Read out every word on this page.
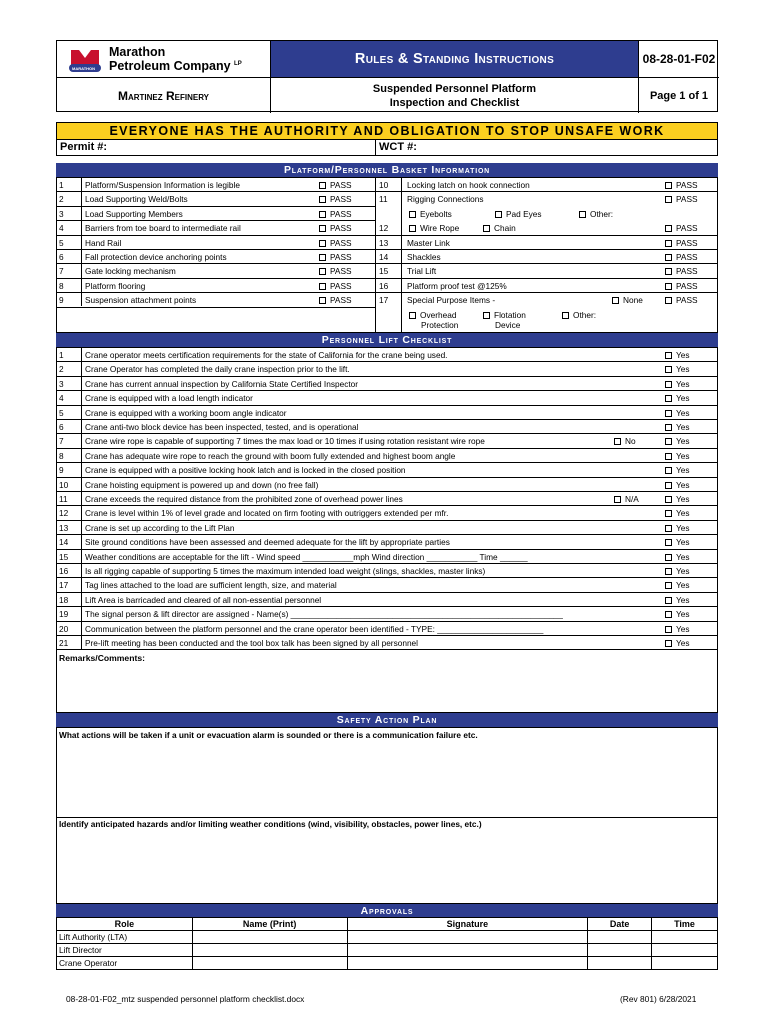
MARATHON
Marathon
Petroleum Company $^{LP}$
Martinez Refinery
Rules & Standing Instructions	08-28-01-F02
Suspended Personnel Platform
Inspection and Checklist
Page 1 of 1
EVERYONE HAS THE AUTHORITY AND OBLIGATION TO STOP UNSAFE WORK
Permit #:	WCT #:
Platform/Personnel Basket Information
1	Platform/Suspension Information is legible	PASS
2	Load Supporting Weld/Bolts	PASS
3	Load Supporting Members	PASS
4	Barriers from toe board to intermediate rail	PASS
5	Hand Rail	PASS
6	Fall protection device anchoring points	PASS
7	Gate locking mechanism	PASS
8	Platform flooring	PASS
9	Suspension attachment points	PASS
10 Locking latch on hook connection	PASS
11 Rigging Connections	PASS
Eyebolts	Pad Eyes	Other:
12	Wire Rope	Chain	PASS
13 Master Link	PASS
14 Shackles	PASS
15 Trial Lift	PASS
16 Platform proof test @125%	PASS
17 Special Purpose Items -	None	PASS
Overhead
Protection
Flotation
Device
Other:
Personnel Lift Checklist
1	Crane operator meets certification requirements for the state of California for the crane being used.	Yes
2	Crane Operator has completed the daily crane inspection prior to the lift.	Yes
3	Crane has current annual inspection by California State Certified Inspector	Yes
4	Crane is equipped with a load length indicator	Yes
5	Crane is equipped with a working boom angle indicator	Yes
6	Crane anti-two block device has been inspected, tested, and is operational	Yes
7	Crane wire rope is capable of supporting 7 times the max load or 10 times if using rotation resistant wire rope	No	Yes
8	Crane has adequate wire rope to reach the ground with boom fully extended and highest boom angle	Yes
9	Crane is equipped with a positive locking hook latch and is locked in the closed position	Yes
10 Crane hoisting equipment is powered up and down (no free fall)	Yes
11 Crane exceeds the required distance from the prohibited zone of overhead power lines	N/A	Yes
12 Crane is level within 1% of level grade and located on firm footing with outriggers extended per mfr.	Yes
13 Crane is set up according to the Lift Plan	Yes
14 Site ground conditions have been assessed and deemed adequate for the lift by appropriate parties	Yes
15 Weather conditions are acceptable for the lift - Wind speed ___________mph Wind direction ___________ Time ______	Yes
16 Is all rigging capable of supporting 5 times the maximum intended load weight (slings, shackles, master links)	Yes
17 Tag lines attached to the load are sufficient length, size, and material	Yes
18 Lift Area is barricaded and cleared of all non-essential personnel	Yes
19 The signal person & lift director are assigned - Name(s) ___________________________________________________________	Yes
20 Communication between the platform personnel and the crane operator been identified - TYPE: _______________________	Yes
21 Pre-lift meeting has been conducted and the tool box talk has been signed by all personnel	Yes
Remarks/Comments:
Safety Action Plan
What actions will be taken if a unit or evacuation alarm is sounded or there is a communication failure etc.
Identify anticipated hazards and/or limiting weather conditions (wind, visibility, obstacles, power lines, etc.)
Approvals
Role	Name (Print)	Signature	Date	Time
Lift Authority (LTA)				
Lift Director				
Crane Operator				
08-28-01-F02_mtz suspended personnel platform checklist.docx	(Rev 801) 6/28/2021
